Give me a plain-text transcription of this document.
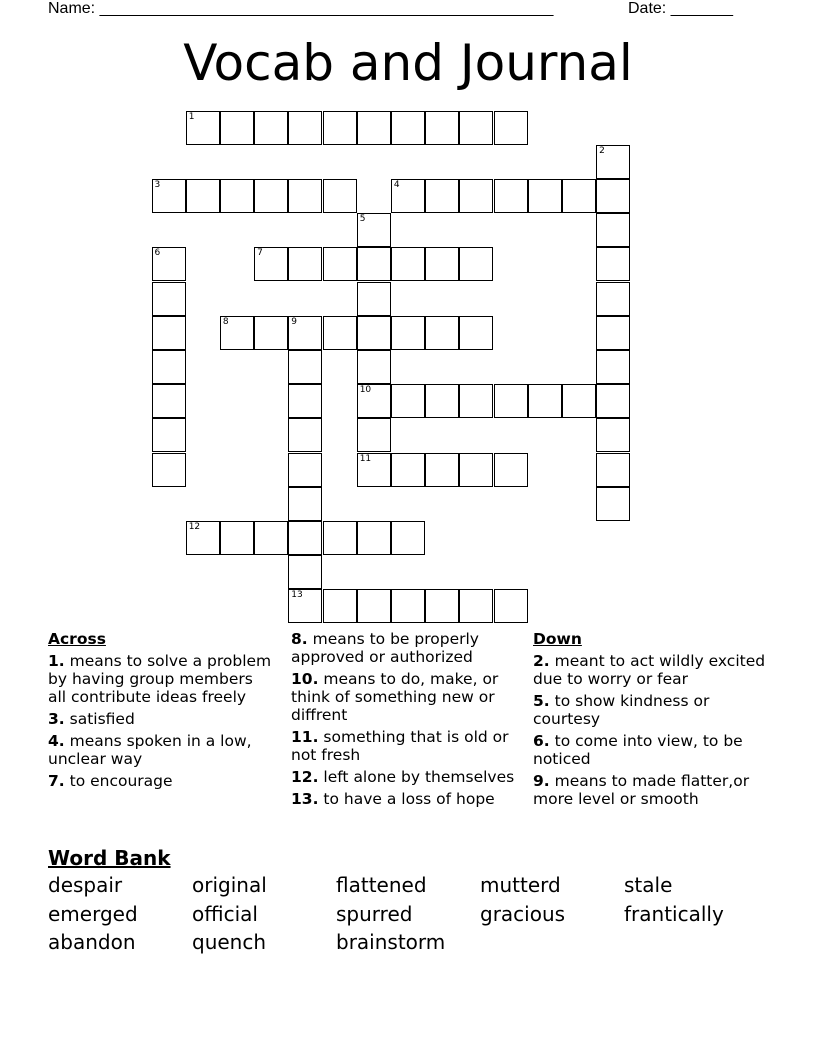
Name: ___________________________________________________	Date: _______
Vocab and Journal
1
2
3	4
5
10
11
6	7
8	9
13
12
Across
1. means to solve a problem by having group members all contribute ideas freely
3. satisfied
4. means spoken in a low, unclear way
7. to encourage
8. means to be properly approved or authorized
10. means to do, make, or think of something new or diffrent
11. something that is old or not fresh
12. left alone by themselves
13. to have a loss of hope
Down
2. meant to act wildly excited due to worry or fear
5. to show kindness or courtesy
6. to come into view, to be noticed
9. means to made flatter,or more level or smooth
Word Bank
despair	original	flattened	mutterd	stale
emerged	official	spurred	gracious	frantically
abandon	quench	brainstorm
